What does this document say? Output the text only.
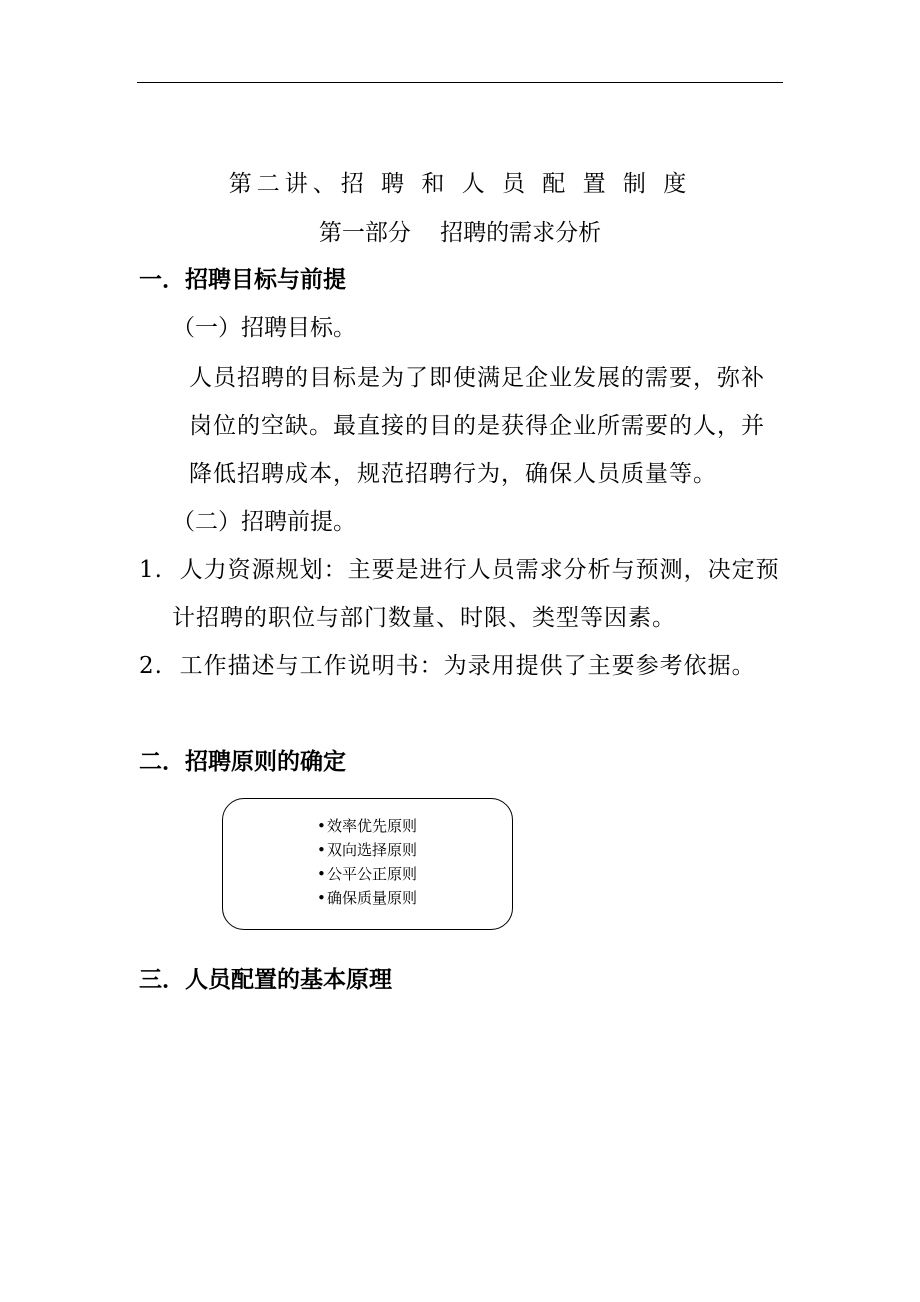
第二讲、招 聘 和 人 员 配 置 制 度
第一部分    招聘的需求分析
一．招聘目标与前提
（一）招聘目标。
人员招聘的目标是为了即使满足企业发展的需要，弥补
岗位的空缺。最直接的目的是获得企业所需要的人，并
降低招聘成本，规范招聘行为，确保人员质量等。
（二）招聘前提。
1.  人力资源规划：主要是进行人员需求分析与预测，决定预
计招聘的职位与部门数量、时限、类型等因素。
2.  工作描述与工作说明书：为录用提供了主要参考依据。
二．招聘原则的确定
•效率优先原则
•双向选择原则
•公平公正原则
•确保质量原则
三．人员配置的基本原理
